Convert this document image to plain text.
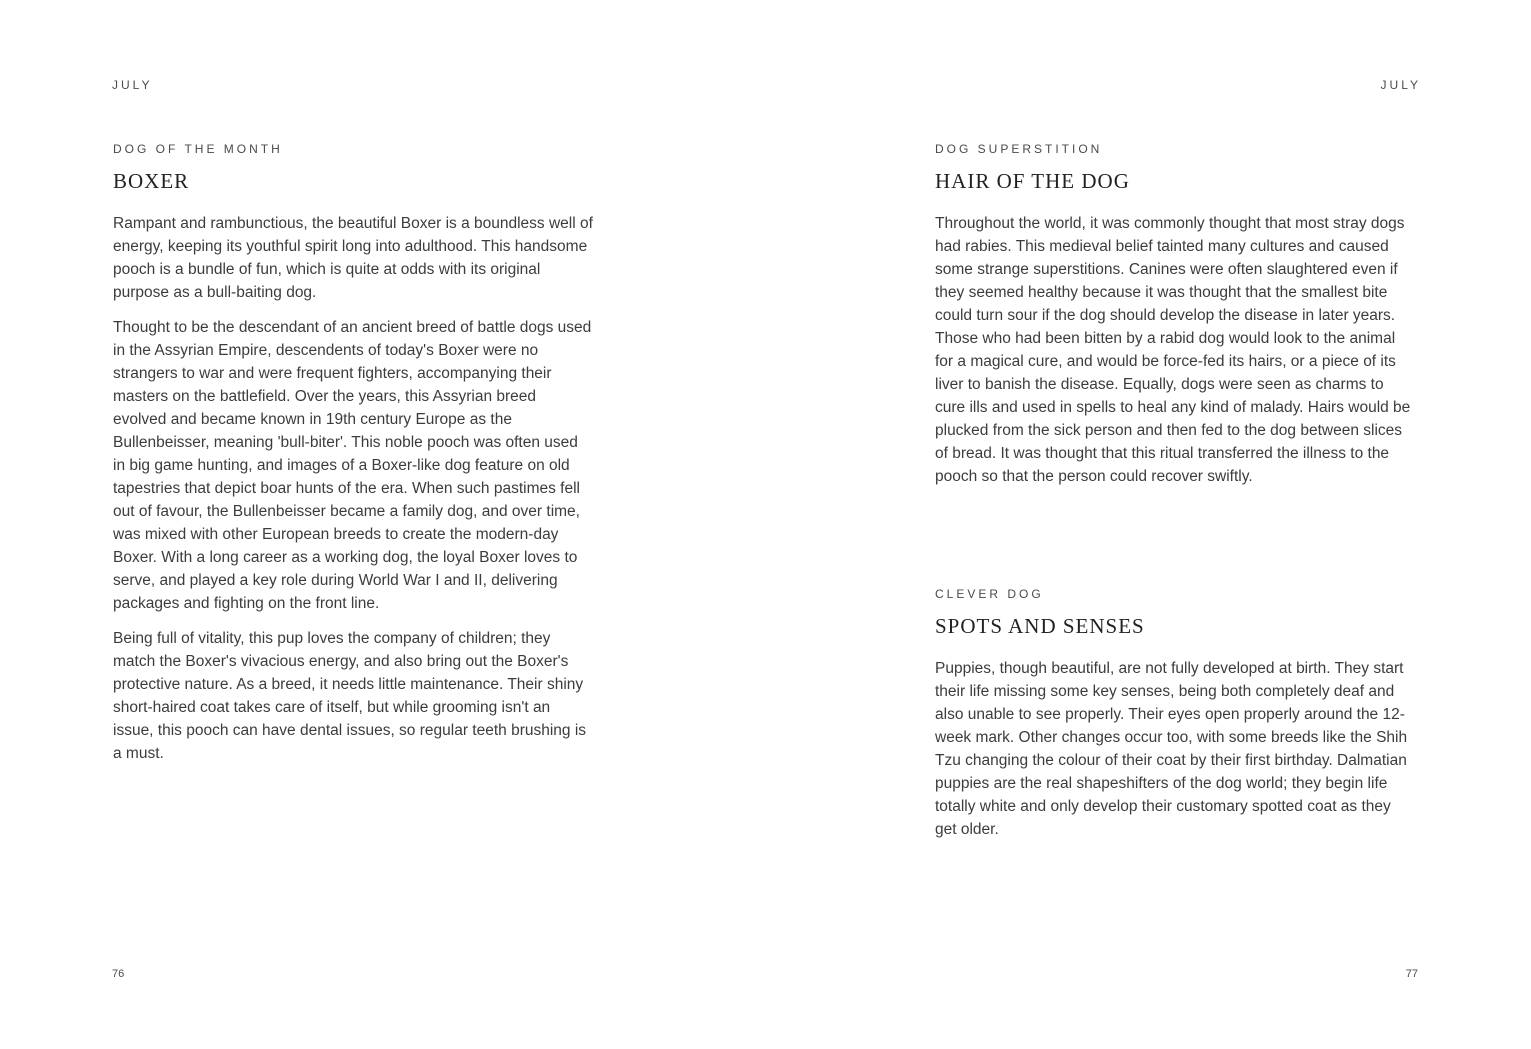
JULY

DOG OF THE MONTH

BOXER

Rampant and rambunctious, the beautiful Boxer is a boundless well of energy, keeping its youthful spirit long into adulthood. This handsome pooch is a bundle of fun, which is quite at odds with its original purpose as a bull-baiting dog.

Thought to be the descendant of an ancient breed of battle dogs used in the Assyrian Empire, descendents of today's Boxer were no strangers to war and were frequent fighters, accompanying their masters on the battlefield. Over the years, this Assyrian breed evolved and became known in 19th century Europe as the Bullenbeisser, meaning 'bull-biter'. This noble pooch was often used in big game hunting, and images of a Boxer-like dog feature on old tapestries that depict boar hunts of the era. When such pastimes fell out of favour, the Bullenbeisser became a family dog, and over time, was mixed with other European breeds to create the modern-day Boxer. With a long career as a working dog, the loyal Boxer loves to serve, and played a key role during World War I and II, delivering packages and fighting on the front line.

Being full of vitality, this pup loves the company of children; they match the Boxer's vivacious energy, and also bring out the Boxer's protective nature. As a breed, it needs little maintenance. Their shiny short-haired coat takes care of itself, but while grooming isn't an issue, this pooch can have dental issues, so regular teeth brushing is a must.

76
JULY

DOG SUPERSTITION

HAIR OF THE DOG

Throughout the world, it was commonly thought that most stray dogs had rabies. This medieval belief tainted many cultures and caused some strange superstitions. Canines were often slaughtered even if they seemed healthy because it was thought that the smallest bite could turn sour if the dog should develop the disease in later years. Those who had been bitten by a rabid dog would look to the animal for a magical cure, and would be force-fed its hairs, or a piece of its liver to banish the disease. Equally, dogs were seen as charms to cure ills and used in spells to heal any kind of malady. Hairs would be plucked from the sick person and then fed to the dog between slices of bread. It was thought that this ritual transferred the illness to the pooch so that the person could recover swiftly.

CLEVER DOG

SPOTS AND SENSES

Puppies, though beautiful, are not fully developed at birth. They start their life missing some key senses, being both completely deaf and also unable to see properly. Their eyes open properly around the 12-week mark. Other changes occur too, with some breeds like the Shih Tzu changing the colour of their coat by their first birthday. Dalmatian puppies are the real shapeshifters of the dog world; they begin life totally white and only develop their customary spotted coat as they get older.

77
